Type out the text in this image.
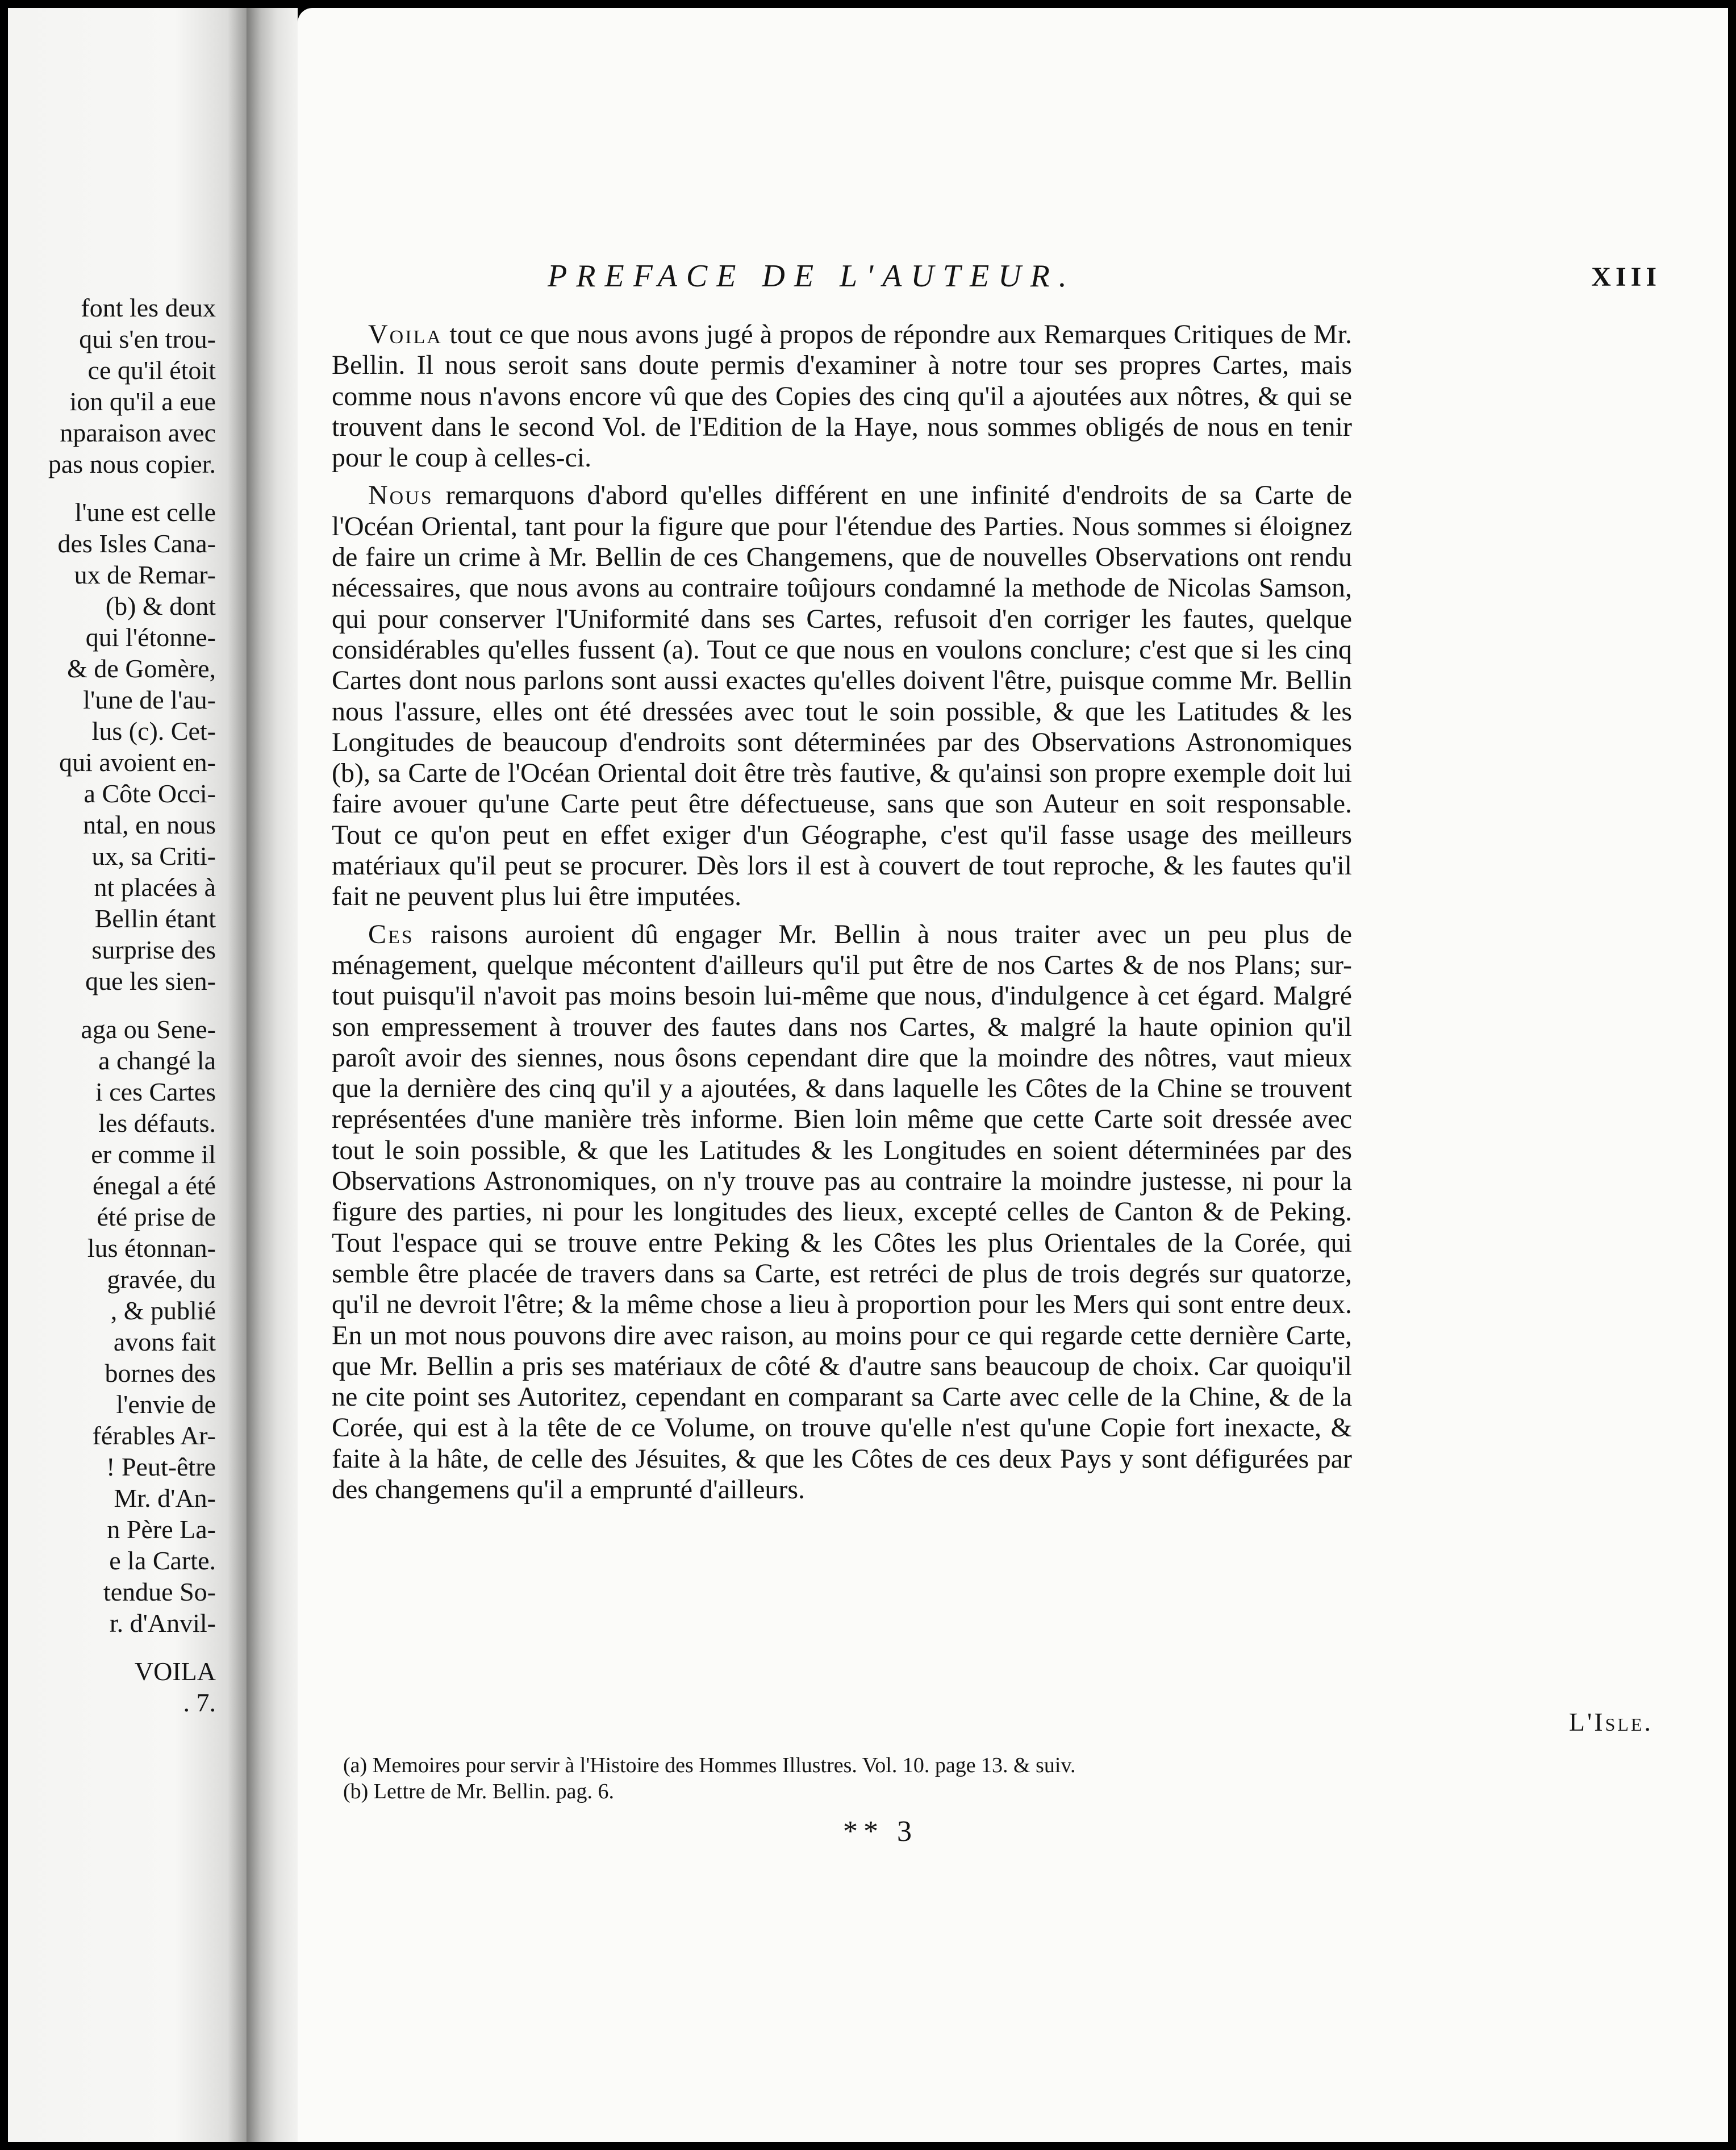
font les deux
qui s'en trou-
ce qu'il étoit
ion qu'il a eue
nparaison avec
pas nous copier.
l'une est celle
des Isles Cana-
ux de Remar-
(b) & dont
qui l'étonne-
& de Gomère,
l'une de l'au-
lus (c). Cet-
qui avoient en-
a Côte Occi-
ntal, en nous
ux, sa Criti-
nt placées à
Bellin étant
surprise des
que les sien-
aga ou Sene-
a changé la
i ces Cartes
les défauts.
er comme il
énegal a été
été prise de
lus étonnan-
gravée, du
, & publié
avons fait
bornes des
l'envie de
férables Ar-
! Peut-être
Mr. d'An-
n Père La-
e la Carte.
tendue So-
r. d'Anvil-
VOILA
. 7.
PREFACE DE L'AUTEUR.	XIII

Voila tout ce que nous avons jugé à propos de répondre aux Remarques Critiques de Mr. Bellin. Il nous seroit sans doute permis d'examiner à notre tour ses propres Cartes, mais comme nous n'avons encore vû que des Copies des cinq qu'il a ajoutées aux nôtres, & qui se trouvent dans le second Vol. de l'Edition de la Haye, nous sommes obligés de nous en tenir pour le coup à celles-ci.

Nous remarquons d'abord qu'elles différent en une infinité d'endroits de sa Carte de l'Océan Oriental, tant pour la figure que pour l'étendue des Parties. Nous sommes si éloignez de faire un crime à Mr. Bellin de ces Changemens, que de nouvelles Observations ont rendu nécessaires, que nous avons au contraire toûjours condamné la methode de Nicolas Samson, qui pour conserver l'Uniformité dans ses Cartes, refusoit d'en corriger les fautes, quelque considérables qu'elles fussent (a). Tout ce que nous en voulons conclure; c'est que si les cinq Cartes dont nous parlons sont aussi exactes qu'elles doivent l'être, puisque comme Mr. Bellin nous l'assure, elles ont été dressées avec tout le soin possible, & que les Latitudes & les Longitudes de beaucoup d'endroits sont déterminées par des Observations Astronomiques (b), sa Carte de l'Océan Oriental doit être très fautive, & qu'ainsi son propre exemple doit lui faire avouer qu'une Carte peut être défectueuse, sans que son Auteur en soit responsable. Tout ce qu'on peut en effet exiger d'un Géographe, c'est qu'il fasse usage des meilleurs matériaux qu'il peut se procurer. Dès lors il est à couvert de tout reproche, & les fautes qu'il fait ne peuvent plus lui être imputées.

Ces raisons auroient dû engager Mr. Bellin à nous traiter avec un peu plus de ménagement, quelque mécontent d'ailleurs qu'il put être de nos Cartes & de nos Plans; sur-tout puisqu'il n'avoit pas moins besoin lui-même que nous, d'indulgence à cet égard. Malgré son empressement à trouver des fautes dans nos Cartes, & malgré la haute opinion qu'il paroît avoir des siennes, nous ôsons cependant dire que la moindre des nôtres, vaut mieux que la dernière des cinq qu'il y a ajoutées, & dans laquelle les Côtes de la Chine se trouvent représentées d'une manière très informe. Bien loin même que cette Carte soit dressée avec tout le soin possible, & que les Latitudes & les Longitudes en soient déterminées par des Observations Astronomiques, on n'y trouve pas au contraire la moindre justesse, ni pour la figure des parties, ni pour les longitudes des lieux, excepté celles de Canton & de Peking. Tout l'espace qui se trouve entre Peking & les Côtes les plus Orientales de la Corée, qui semble être placée de travers dans sa Carte, est retréci de plus de trois degrés sur quatorze, qu'il ne devroit l'être; & la même chose a lieu à proportion pour les Mers qui sont entre deux. En un mot nous pouvons dire avec raison, au moins pour ce qui regarde cette dernière Carte, que Mr. Bellin a pris ses matériaux de côté & d'autre sans beaucoup de choix. Car quoiqu'il ne cite point ses Autoritez, cependant en comparant sa Carte avec celle de la Chine, & de la Corée, qui est à la tête de ce Volume, on trouve qu'elle n'est qu'une Copie fort inexacte, & faite à la hâte, de celle des Jésuites, & que les Côtes de ces deux Pays y sont défigurées par des changemens qu'il a emprunté d'ailleurs.

L'Isle.
(a) Memoires pour servir à l'Histoire des Hommes Illustres. Vol. 10. page 13. & suiv.
(b) Lettre de Mr. Bellin. pag. 6.
** 3
